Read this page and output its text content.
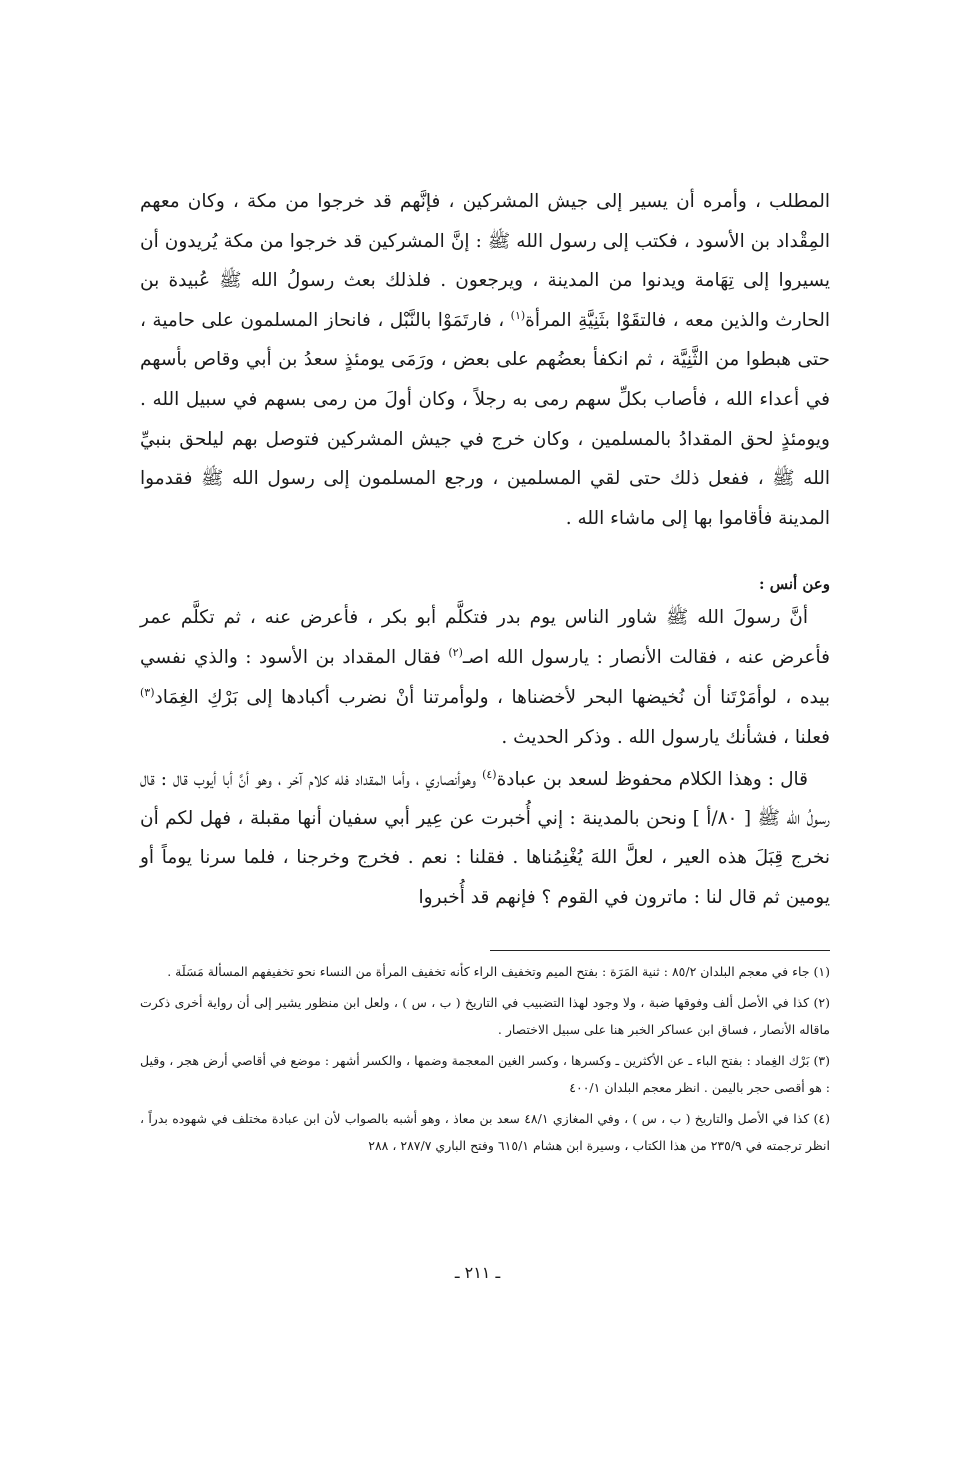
المطلب ، وأمره أن يسير إلى جيش المشركين ، فإنَّهم قد خرجوا من مكة ، وكان معهم المِقْداد بن الأسود ، فكتب إلى رسول الله ﷺ : إنَّ المشركين قد خرجوا من مكة يُريدون أن يسيروا إلى تِهَامة ويدنوا من المدينة ، ويرجعون . فلذلك بعث رسولُ الله ﷺ عُبيدة بن الحارث والذين معه ، فالتقَوْا بثَنِيَّةِ المرأة$^{(١)}$ ، فارتَمَوْا بالنَّبْل ، فانحاز المسلمون على حامية ، حتى هبطوا من الثَّنِيَّة ، ثم انكفأ بعضُهم على بعض ، ورَمَى يومئذٍ سعدُ بن أبي وقاص بأسهم في أعداء الله ، فأصاب بكلِّ سهم رمى به رجلاً ، وكان أولَ من رمى بسهم في سبيل الله . ويومئذٍ لحق المقدادُ بالمسلمين ، وكان خرج في جيش المشركين فتوصل بهم ليلحق بنبيِّ الله ﷺ ، ففعل ذلك حتى لقي المسلمين ، ورجع المسلمون إلى رسول الله ﷺ فقدموا المدينة فأقاموا بها إلى ماشاء الله .

وعن أنس :

أنَّ رسولَ الله ﷺ شاور الناس يوم بدر فتكلَّم أبو بكر ، فأعرض عنه ، ثم تكلَّم عمر فأعرض عنه ، فقالت الأنصار : يارسول الله اصـ$^{(٢)}$ فقال المقداد بن الأسود : والذي نفسي بيده ، لوأمَرْتَنا أن نُخيضها البحر لأخضناها ، ولوأمرتنا أنْ نضرب أكبادها إلى بَرْكِ الغِمَاد$^{(٣)}$ فعلنا ، فشأنك يارسول الله . وذكر الحديث .

قال : وهذا الكلام محفوظ لسعد بن عبادة$^{(٤)}$ وهوأنصاري ، وأما المقداد فله كلام آخر ، وهو أنَّ أبا أيوب قال : قال رسولُ الله ﷺ [ ٨٠/أ ] ونحن بالمدينة : إني أُخبرت عن عِير أبي سفيان أنها مقبلة ، فهل لكم أن نخرج قِبَلَ هذه العير ، لعلَّ اللهَ يُغْنِمُناها . فقلنا : نعم . فخرج وخرجنا ، فلما سرنا يوماً أو يومين ثم قال لنا : ماترون في القوم ؟ فإنهم قد أُخبروا

(١) جاء في معجم البلدان ٨٥/٢ : ثنية المَرَة : بفتح الميم وتخفيف الراء كأنه تخفيف المرأة من النساء نحو تخفيفهم المسألة مَسَلَة .

(٢) كذا في الأصل ألف وفوقها ضبة ، ولا وجود لهذا التضبيب في التاريخ ( ب ، س ) ، ولعل ابن منظور يشير إلى أن رواية أخرى ذكرت ماقاله الأنصار ، فساق ابن عساكر الخبر هنا على سبيل الاختصار .

(٣) بَرْك الغِماد : بفتح الباء ـ عن الأكثرين ـ وكسرها ، وكسر الغين المعجمة وضمها ، والكسر أشهر : موضع في أقاصي أرض هجر ، وقيل : هو أقصى حجر باليمن . انظر معجم البلدان ٤٠٠/١

(٤) كذا في الأصل والتاريخ ( ب ، س ) ، وفي المغازي ٤٨/١ سعد بن معاذ ، وهو أشبه بالصواب لأن ابن عبادة مختلف في شهوده بدراً ، انظر ترجمته في ٢٣٥/٩ من هذا الكتاب ، وسيرة ابن هشام ٦١٥/١ وفتح الباري ٢٨٧/٧ ، ٢٨٨

ـ ٢١١ ـ
